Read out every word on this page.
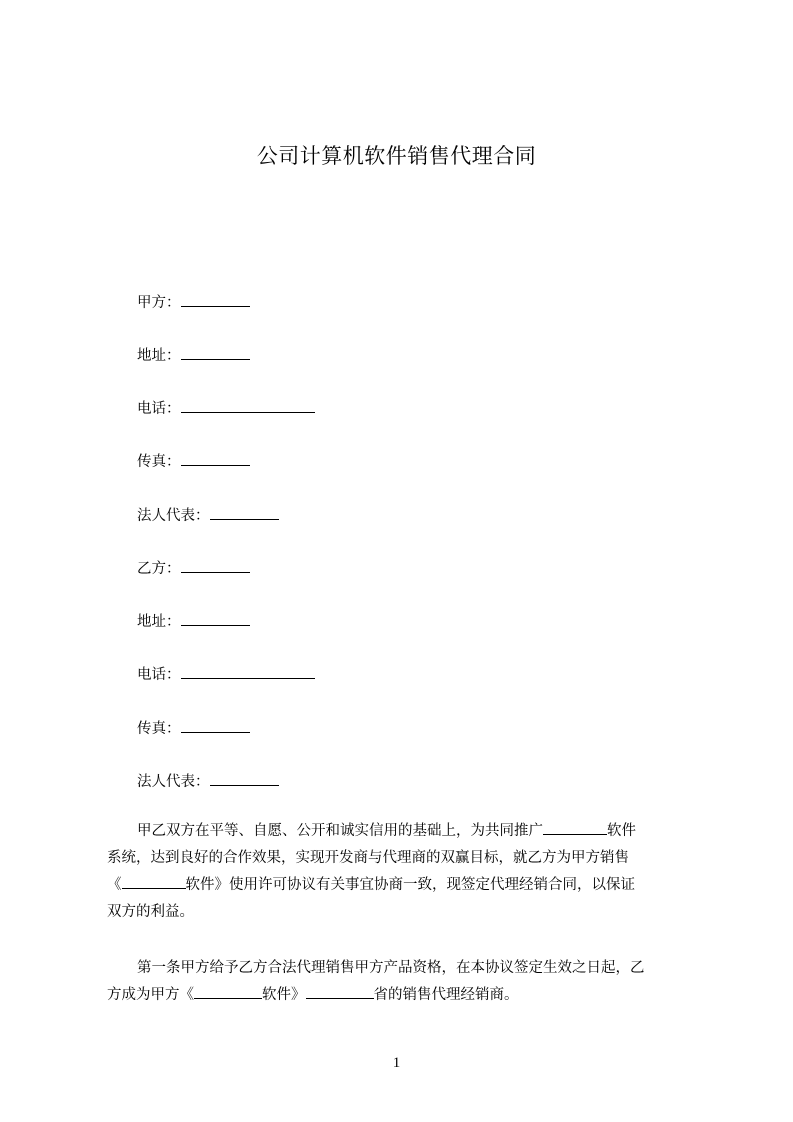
公司计算机软件销售代理合同
甲方：
地址：
电话：
传真：
法人代表：
乙方：
地址：
电话：
传真：
法人代表：
甲乙双方在平等、自愿、公开和诚实信用的基础上，为共同推广	软件
系统，达到良好的合作效果，实现开发商与代理商的双赢目标，就乙方为甲方销售
《	软件》使用许可协议有关事宜协商一致，现签定代理经销合同，以保证
双方的利益。
第一条甲方给予乙方合法代理销售甲方产品资格，在本协议签定生效之日起，乙
方成为甲方《	软件》	省的销售代理经销商。
1
